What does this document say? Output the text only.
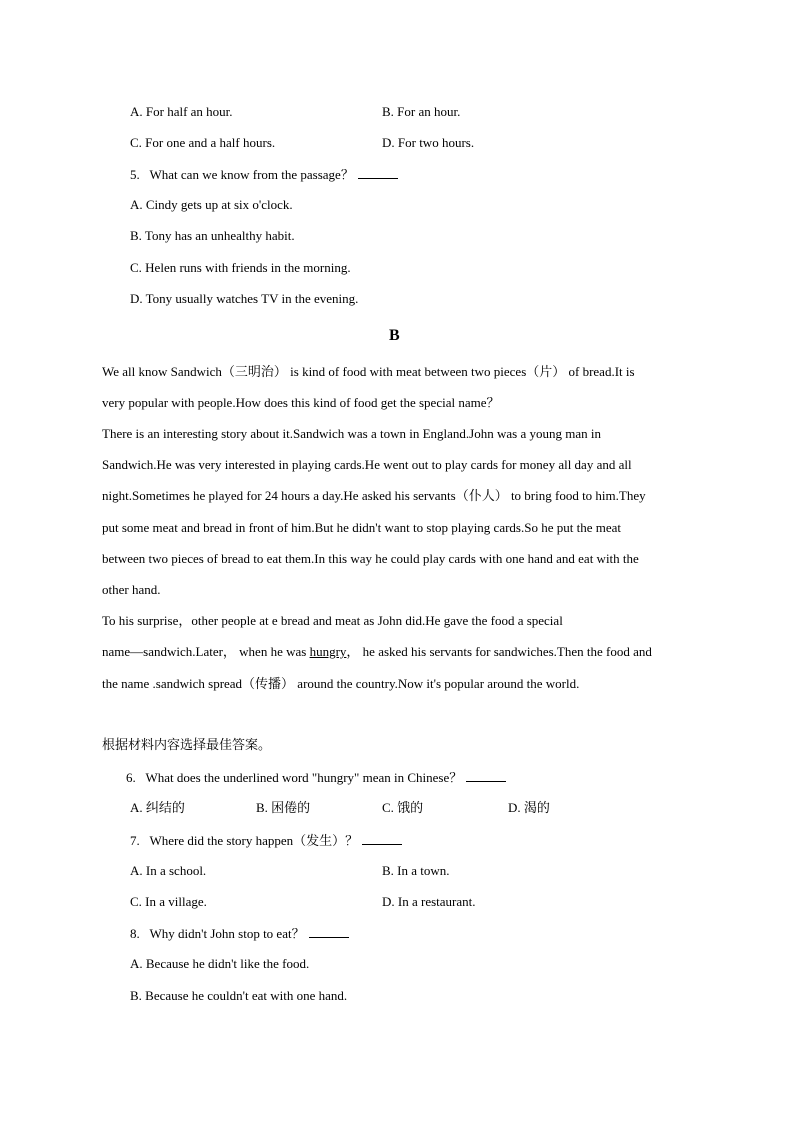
A. For half an hour.	B. For an hour.
C. For one and a half hours.	D. For two hours.
5.   What can we know from the passage？
A. Cindy gets up at six o'clock.
B. Tony has an unhealthy habit.
C. Helen runs with friends in the morning.
D. Tony usually watches TV in the evening.
B
We all know Sandwich（三明治） is kind of food with meat between two pieces（片） of bread.It is
very popular with people.How does this kind of food get the special name？
There is an interesting story about it.Sandwich was a town in England.John was a young man in
Sandwich.He was very interested in playing cards.He went out to play cards for money all day and all
night.Sometimes he played for 24 hours a day.He asked his servants（仆人） to bring food to him.They
put some meat and bread in front of him.But he didn't want to stop playing cards.So he put the meat
between two pieces of bread to eat them.In this way he could play cards with one hand and eat with the
other hand.
To his surprise，other people at e bread and meat as John did.He gave the food a special
name—sandwich.Later， when he was hungry， he asked his servants for sandwiches.Then the food and
the name .sandwich spread（传播） around the country.Now it's popular around the world.
根据材料内容选择最佳答案。
6.   What does the underlined word "hungry" mean in Chinese？
A. 纠结的	B. 困倦的	C. 饿的	D. 渴的
7.   Where did the story happen（发生）？
A. In a school.	B. In a town.
C. In a village.	D. In a restaurant.
8.   Why didn't John stop to eat？
A. Because he didn't like the food.
B. Because he couldn't eat with one hand.
